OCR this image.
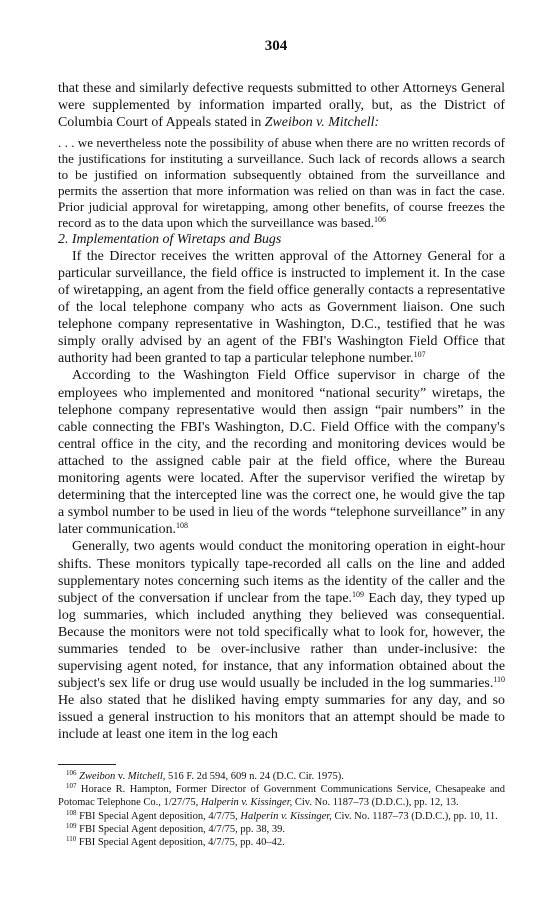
304

that these and similarly defective requests submitted to other Attorneys General were supplemented by information imparted orally, but, as the District of Columbia Court of Appeals stated in Zweibon v. Mitchell:

. . . we nevertheless note the possibility of abuse when there are no written records of the justifications for instituting a surveillance. Such lack of records allows a search to be justified on information subsequently obtained from the surveillance and permits the assertion that more information was relied on than was in fact the case. Prior judicial approval for wiretapping, among other benefits, of course freezes the record as to the data upon which the surveillance was based.$^{106}$

2. Implementation of Wiretaps and Bugs

If the Director receives the written approval of the Attorney General for a particular surveillance, the field office is instructed to implement it. In the case of wiretapping, an agent from the field office generally contacts a representative of the local telephone company who acts as Government liaison. One such telephone company representative in Washington, D.C., testified that he was simply orally advised by an agent of the FBI's Washington Field Office that authority had been granted to tap a particular telephone number.$^{107}$

According to the Washington Field Office supervisor in charge of the employees who implemented and monitored “national security” wiretaps, the telephone company representative would then assign “pair numbers” in the cable connecting the FBI's Washington, D.C. Field Office with the company's central office in the city, and the recording and monitoring devices would be attached to the assigned cable pair at the field office, where the Bureau monitoring agents were located. After the supervisor verified the wiretap by determining that the intercepted line was the correct one, he would give the tap a symbol number to be used in lieu of the words “telephone surveillance” in any later communication.$^{108}$

Generally, two agents would conduct the monitoring operation in eight-hour shifts. These monitors typically tape-recorded all calls on the line and added supplementary notes concerning such items as the identity of the caller and the subject of the conversation if unclear from the tape.$^{109}$ Each day, they typed up log summaries, which included anything they believed was consequential. Because the monitors were not told specifically what to look for, however, the summaries tended to be over-inclusive rather than under-inclusive: the supervising agent noted, for instance, that any information obtained about the subject's sex life or drug use would usually be included in the log summaries.$^{110}$ He also stated that he disliked having empty summaries for any day, and so issued a general instruction to his monitors that an attempt should be made to include at least one item in the log each

$^{106}$ Zweibon v. Mitchell, 516 F. 2d 594, 609 n. 24 (D.C. Cir. 1975).

$^{107}$ Horace R. Hampton, Former Director of Government Communications Service, Chesapeake and Potomac Telephone Co., 1/27/75, Halperin v. Kissinger, Civ. No. 1187–73 (D.D.C.), pp. 12, 13.

$^{108}$ FBI Special Agent deposition, 4/7/75, Halperin v. Kissinger, Civ. No. 1187–73 (D.D.C.), pp. 10, 11.

$^{109}$ FBI Special Agent deposition, 4/7/75, pp. 38, 39.

$^{110}$ FBI Special Agent deposition, 4/7/75, pp. 40–42.
